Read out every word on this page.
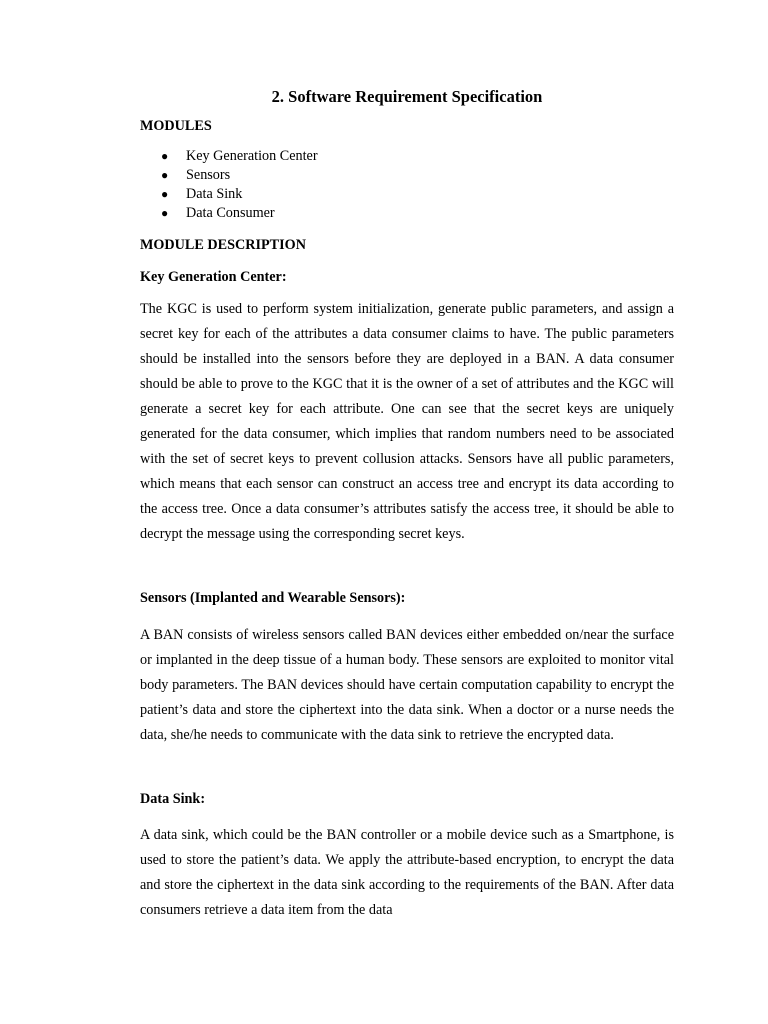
2. Software Requirement Specification
MODULES
● Key Generation Center
● Sensors
● Data Sink
● Data Consumer
MODULE DESCRIPTION
Key Generation Center:

The KGC is used to perform system initialization, generate public parameters, and assign a secret key for each of the attributes a data consumer claims to have. The public parameters should be installed into the sensors before they are deployed in a BAN. A data consumer should be able to prove to the KGC that it is the owner of a set of attributes and the KGC will generate a secret key for each attribute. One can see that the secret keys are uniquely generated for the data consumer, which implies that random numbers need to be associated with the set of secret keys to prevent collusion attacks. Sensors have all public parameters, which means that each sensor can construct an access tree and encrypt its data according to the access tree. Once a data consumer’s attributes satisfy the access tree, it should be able to decrypt the message using the corresponding secret keys.

Sensors (Implanted and Wearable Sensors):

A BAN consists of wireless sensors called BAN devices either embedded on/near the surface or implanted in the deep tissue of a human body. These sensors are exploited to monitor vital body parameters. The BAN devices should have certain computation capability to encrypt the patient’s data and store the ciphertext into the data sink. When a doctor or a nurse needs the data, she/he needs to communicate with the data sink to retrieve the encrypted data.

Data Sink:

A data sink, which could be the BAN controller or a mobile device such as a Smartphone, is used to store the patient’s data. We apply the attribute-based encryption, to encrypt the data and store the ciphertext in the data sink according to the requirements of the BAN. After data consumers retrieve a data item from the data
